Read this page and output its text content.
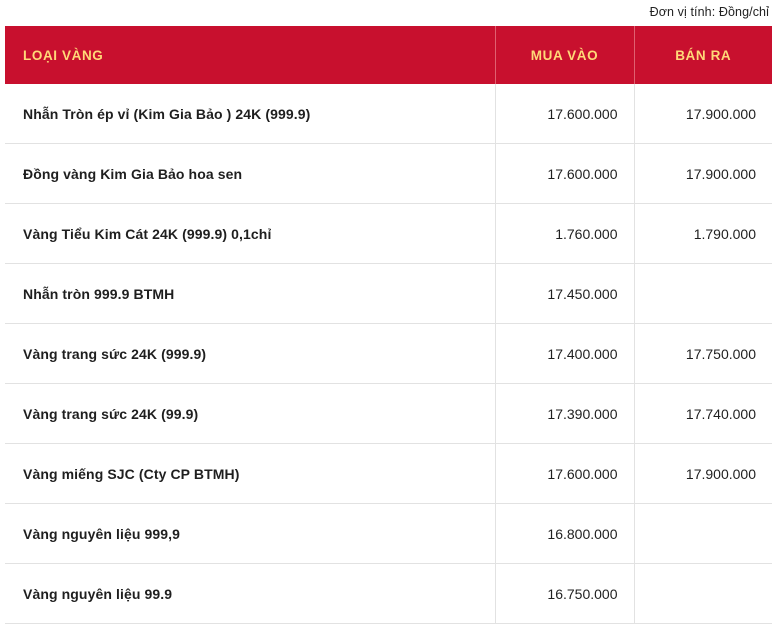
Đơn vị tính: Đồng/chỉ
LOẠI VÀNG	MUA VÀO	BÁN RA
Nhẫn Tròn ép vỉ (Kim Gia Bảo ) 24K (999.9)	17.600.000	17.900.000
Đồng vàng Kim Gia Bảo hoa sen	17.600.000	17.900.000
Vàng Tiểu Kim Cát 24K (999.9) 0,1chỉ	1.760.000	1.790.000
Nhẫn tròn 999.9 BTMH	17.450.000	
Vàng trang sức 24K (999.9)	17.400.000	17.750.000
Vàng trang sức 24K (99.9)	17.390.000	17.740.000
Vàng miếng SJC (Cty CP BTMH)	17.600.000	17.900.000
Vàng nguyên liệu 999,9	16.800.000	
Vàng nguyên liệu 99.9	16.750.000	
